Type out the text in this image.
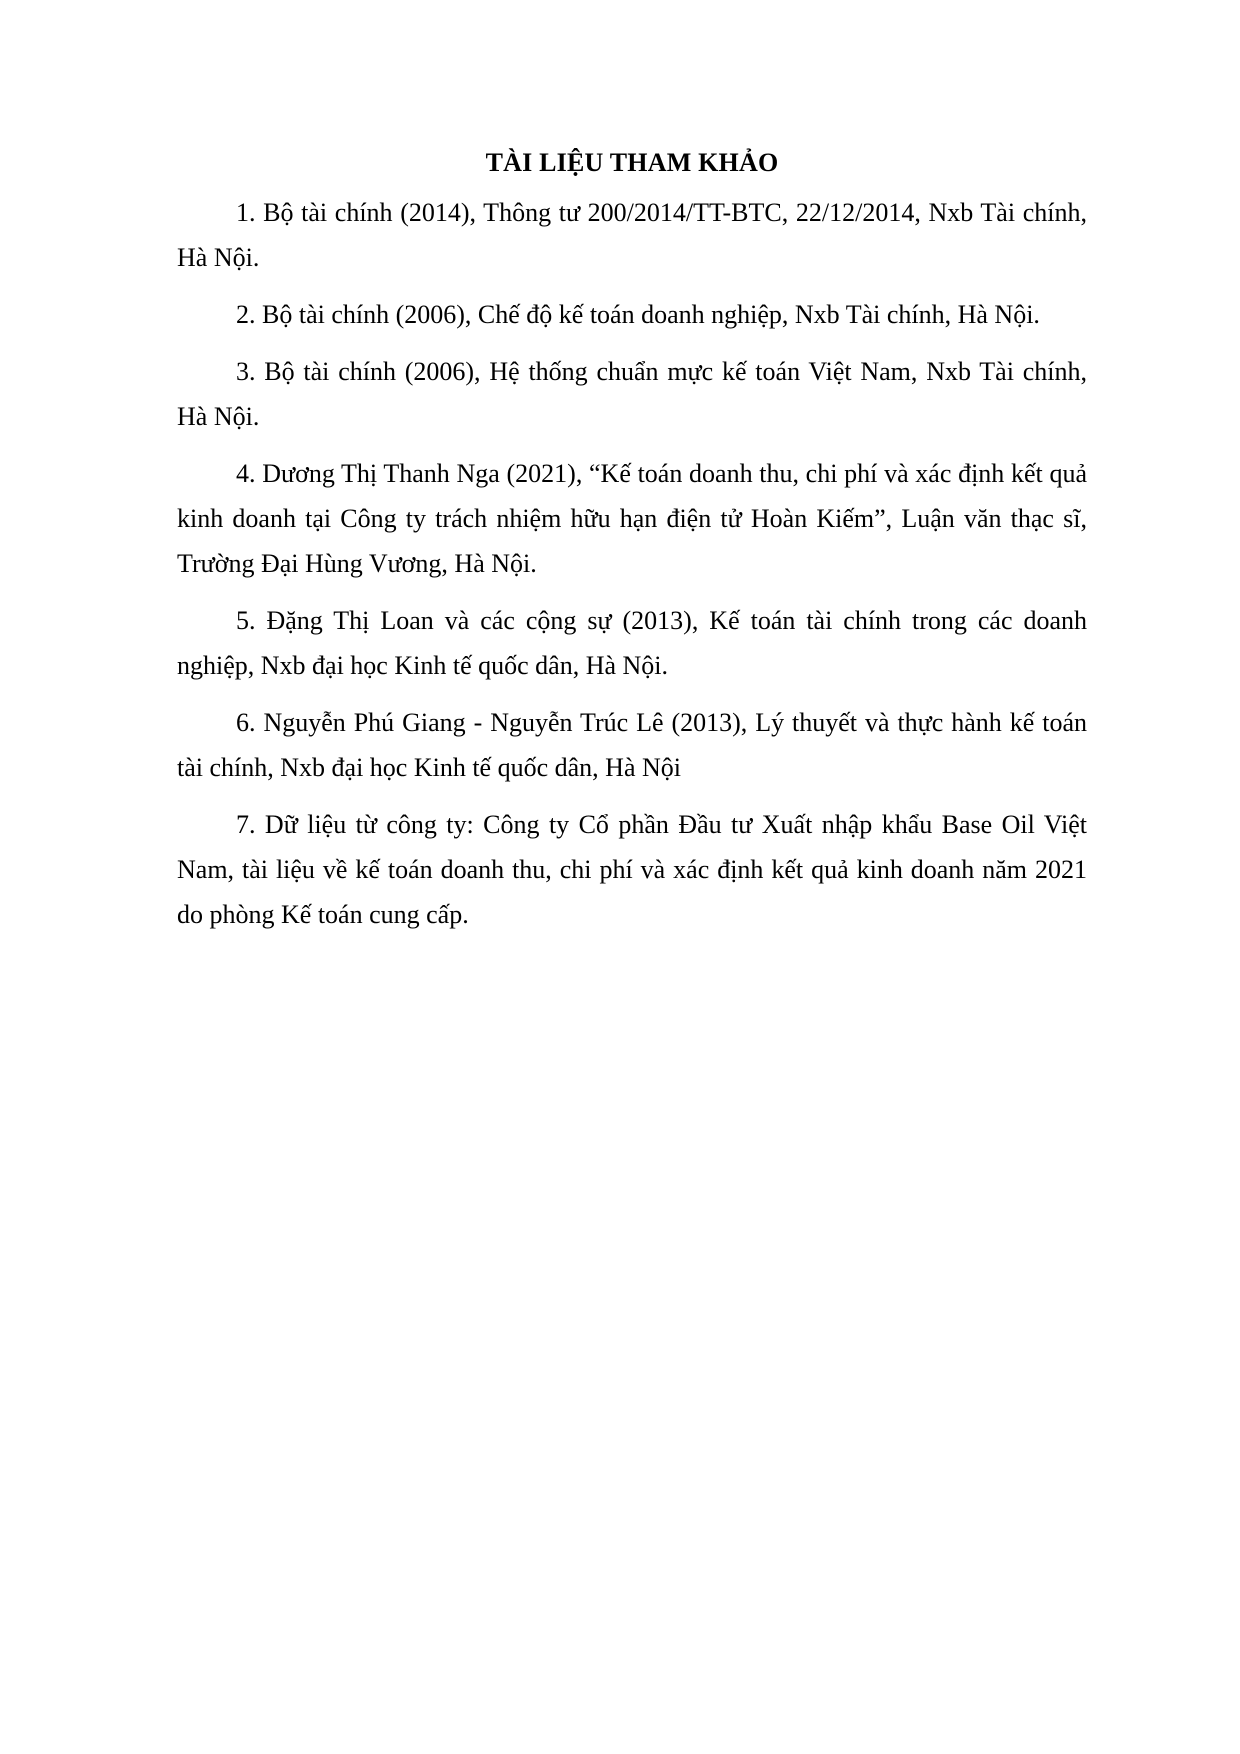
TÀI LIỆU THAM KHẢO

1. Bộ tài chính (2014), Thông tư 200/2014/TT-BTC, 22/12/2014, Nxb Tài chính, Hà Nội.

2. Bộ tài chính (2006), Chế độ kế toán doanh nghiệp, Nxb Tài chính, Hà Nội.

3. Bộ tài chính (2006), Hệ thống chuẩn mực kế toán Việt Nam, Nxb Tài chính, Hà Nội.

4. Dương Thị Thanh Nga (2021), “Kế toán doanh thu, chi phí và xác định kết quả kinh doanh tại Công ty trách nhiệm hữu hạn điện tử Hoàn Kiếm”, Luận văn thạc sĩ, Trường Đại Hùng Vương, Hà Nội.

5. Đặng Thị Loan và các cộng sự (2013), Kế toán tài chính trong các doanh nghiệp, Nxb đại học Kinh tế quốc dân, Hà Nội.

6. Nguyễn Phú Giang - Nguyễn Trúc Lê (2013), Lý thuyết và thực hành kế toán tài chính, Nxb đại học Kinh tế quốc dân, Hà Nội

7. Dữ liệu từ công ty: Công ty Cổ phần Đầu tư Xuất nhập khẩu Base Oil Việt Nam, tài liệu về kế toán doanh thu, chi phí và xác định kết quả kinh doanh năm 2021 do phòng Kế toán cung cấp.
